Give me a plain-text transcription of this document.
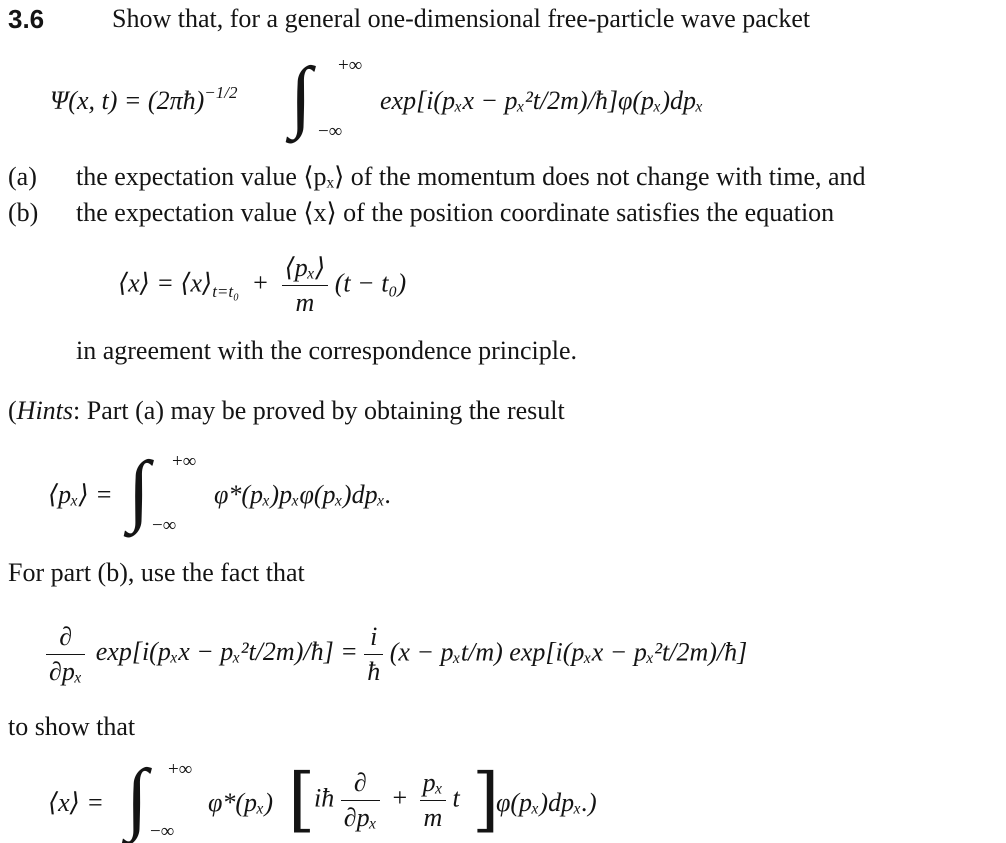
3.6	Show that, for a general one-dimensional free-particle wave packet
Ψ(x, t) = (2πħ)$^{-1/2}$ ∫ +∞
−∞
exp[i(pₓx − pₓ²t/2m)/ħ]φ(pₓ)dpₓ
(a) the expectation value ⟨pₓ⟩ of the momentum does not change with time, and
(b) the expectation value ⟨x⟩ of the position coordinate satisfies the equation
⟨x⟩ = $⟨x⟩_{t=t_0} + \frac{\text{⟨pₓ⟩}}{m} (t - t_0)$
in agreement with the correspondence principle.
(Hints: Part (a) may be proved by obtaining the result
⟨pₓ⟩ = ∫ +∞
−∞
φ*(pₓ)pₓφ(pₓ)dpₓ.
For part (b), use the fact that
$\frac{\partial}{\text{∂pₓ}} \exp[i(p_xx$ − pₓ²t/2m)/ħ] = $\frac{i}{ħ} (x - p_xt/m) \exp[i(p_xx$ − pₓ²t/2m)/ħ]
to show that
⟨x⟩ = ∫ +∞
−∞
φ*(pₓ) [
iħ $\frac{\partial}{\text{∂pₓ}} + \frac{\text{pₓ}}{m}$ t ]
φ(pₓ)dpₓ.)
